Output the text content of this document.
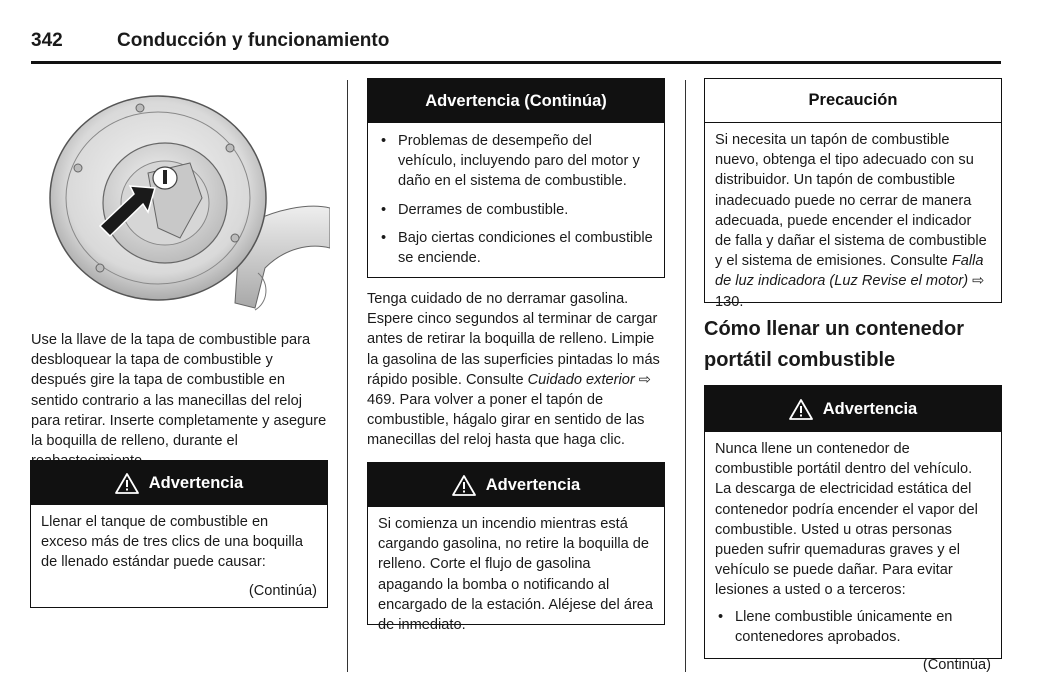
342	Conducción y funcionamiento

Use la llave de la tapa de combustible para desbloquear la tapa de combustible y después gire la tapa de combustible en sentido contrario a las manecillas del reloj para retirar. Inserte completamente y asegure la boquilla de relleno, durante el

Advertencia

Llenar el tanque de combustible en exceso más de tres clics de una boquilla de llenado estándar puede causar:

(Continúa)
Advertencia (Continúa)
• Problemas de desempeño del vehículo, incluyendo paro del motor y daño en el sistema de combustible.
• Derrames de combustible.
• Bajo ciertas condiciones el combustible se enciende.

Tenga cuidado de no derramar gasolina. Espere cinco segundos al terminar de cargar antes de retirar la boquilla de relleno. Limpie la gasolina de las superficies pintadas lo más rápido posible. Consulte Cuidado exterior ⇨ 469. Para volver a poner el tapón de combustible, hágalo girar en sentido de las manecillas del reloj hasta que haga clic.

Advertencia

Si comienza un incendio mientras está cargando gasolina, no retire la boquilla de relleno. Corte el flujo de gasolina apagando la bomba o notificando al encargado de la estación. Aléjese del área de inmediato.

Precaución

Si necesita un tapón de combustible nuevo, obtenga el tipo adecuado con su distribuidor. Un tapón de combustible inadecuado puede no cerrar de manera adecuada, puede encender el indicador de falla y dañar el sistema de combustible y el sistema de emisiones. Consulte Falla de luz indicadora (Luz Revise el motor) ⇨ 130.

Cómo llenar un contenedor portátil combustible
Advertencia

Nunca llene un contenedor de combustible portátil dentro del vehículo. La descarga de electricidad estática del contenedor podría encender el vapor del combustible. Usted u otras personas pueden sufrir quemaduras graves y el vehículo se puede dañar. Para evitar lesiones a usted o a terceros:

• Llene combustible únicamente en contenedores aprobados.
(Continúa)
